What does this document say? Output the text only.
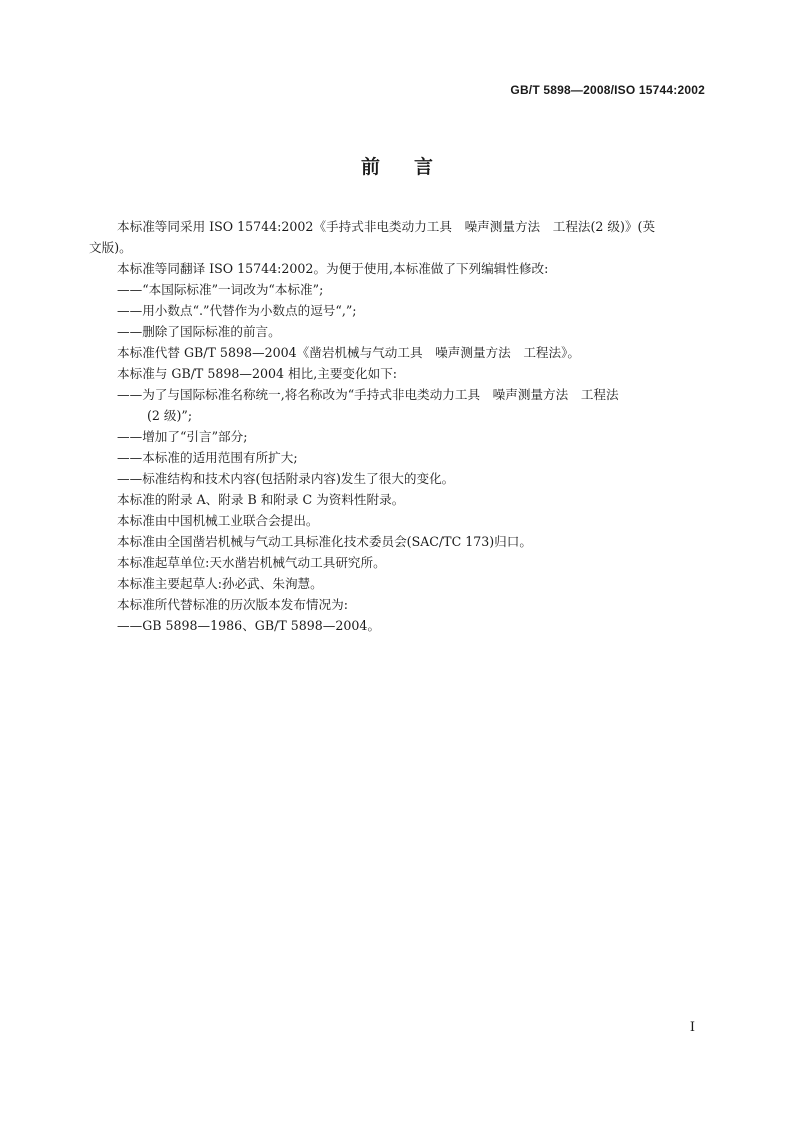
GB/T 5898—2008/ISO 15744:2002
前 言
本标准等同采用 ISO 15744:2002《手持式非电类动力工具　噪声测量方法　工程法(2 级)》(英
文版)。
本标准等同翻译 ISO 15744:2002。为便于使用,本标准做了下列编辑性修改:
——“本国际标准”一词改为“本标准”;
——用小数点“.”代替作为小数点的逗号“,”;
——删除了国际标准的前言。
本标准代替 GB/T 5898—2004《凿岩机械与气动工具　噪声测量方法　工程法》。
本标准与 GB/T 5898—2004 相比,主要变化如下:
——为了与国际标准名称统一,将名称改为“手持式非电类动力工具　噪声测量方法　工程法
(2 级)”;
——增加了“引言”部分;
——本标准的适用范围有所扩大;
——标准结构和技术内容(包括附录内容)发生了很大的变化。
本标准的附录 A、附录 B 和附录 C 为资料性附录。
本标准由中国机械工业联合会提出。
本标准由全国凿岩机械与气动工具标准化技术委员会(SAC/TC 173)归口。
本标准起草单位:天水凿岩机械气动工具研究所。
本标准主要起草人:孙必武、朱洵慧。
本标准所代替标准的历次版本发布情况为:
——GB 5898—1986、GB/T 5898—2004。
I
